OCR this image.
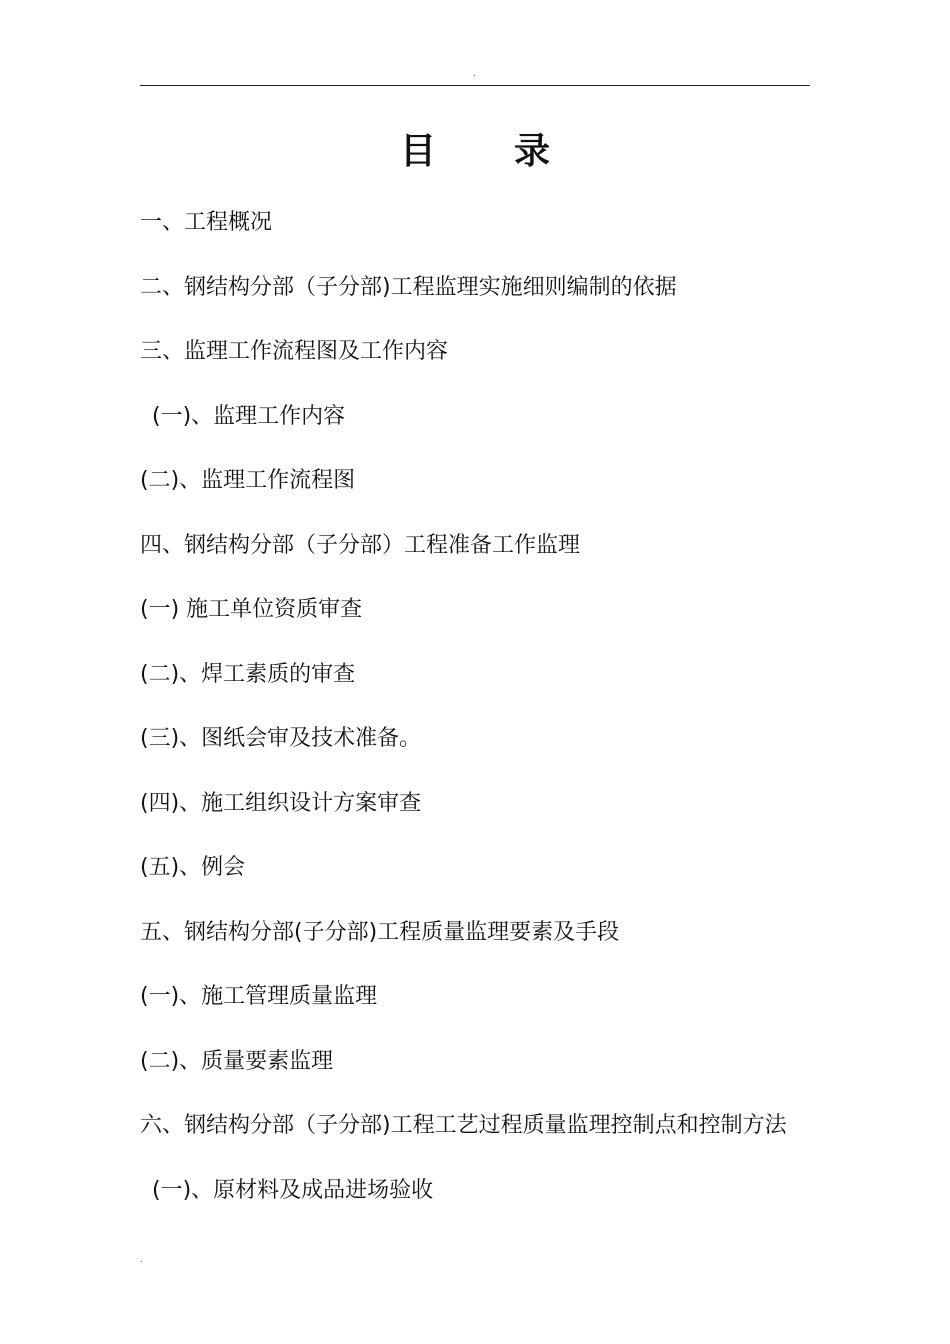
.
目 录
一、工程概况
二、钢结构分部（子分部)工程监理实施细则编制的依据
三、监理工作流程图及工作内容
(一)、监理工作内容
(二)、监理工作流程图
四、钢结构分部（子分部）工程准备工作监理
(一) 施工单位资质审查
(二)、焊工素质的审查
(三)、图纸会审及技术准备。
(四)、施工组织设计方案审查
(五)、例会
五、钢结构分部(子分部)工程质量监理要素及手段
(一)、施工管理质量监理
(二)、质量要素监理
六、钢结构分部（子分部)工程工艺过程质量监理控制点和控制方法
(一)、原材料及成品进场验收
.
